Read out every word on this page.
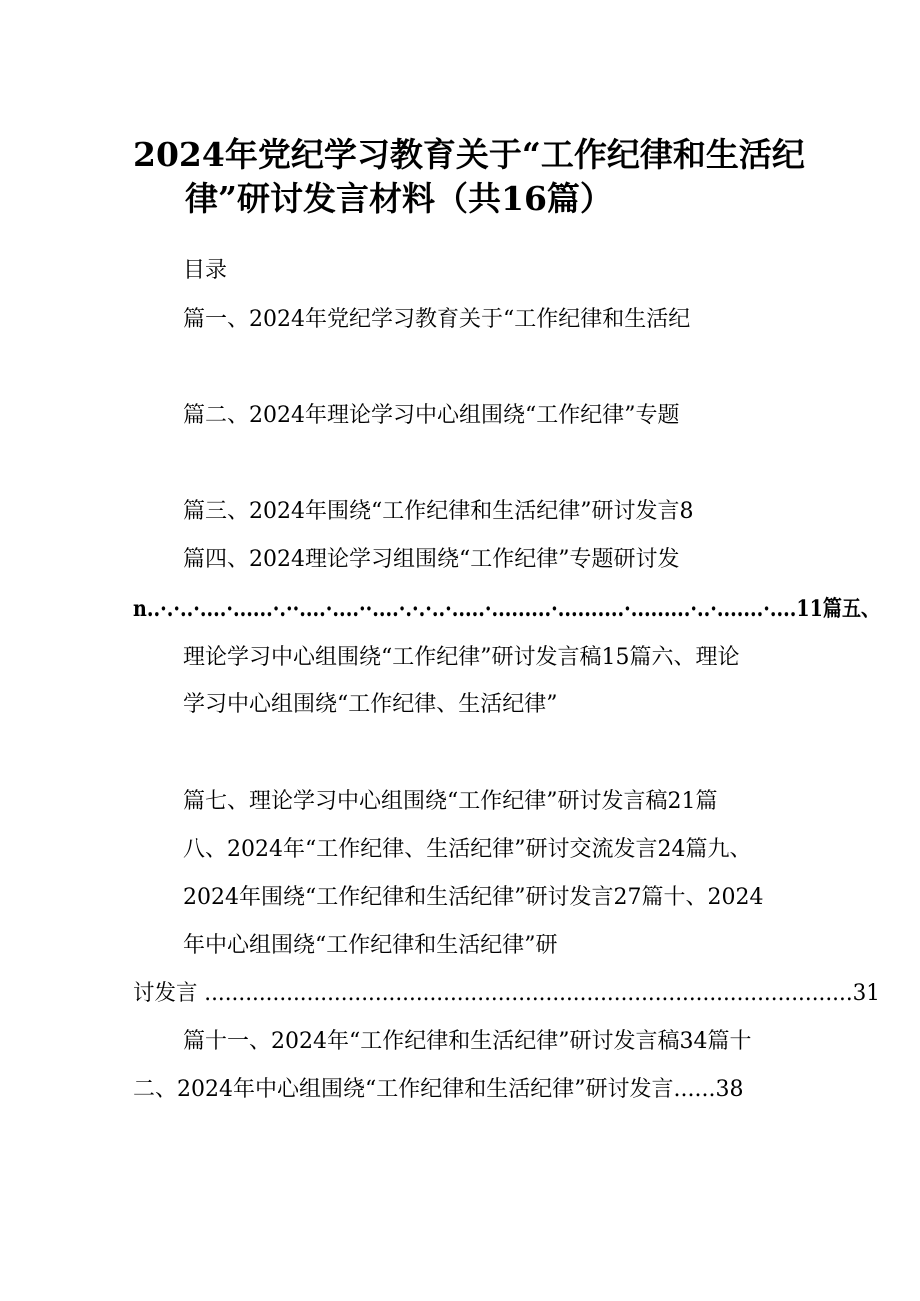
2024年党纪学习教育关于“工作纪律和生活纪
律”研讨发言材料（共16篇）
目录
篇一、2024年党纪学习教育关于“工作纪律和生活纪
篇二、2024年理论学习中心组围绕“工作纪律”专题
篇三、2024年围绕“工作纪律和生活纪律”研讨发言8
篇四、2024理论学习组围绕“工作纪律”专题研讨发
n..·.·..·....·......·.··....·....··....·.·.·..·.....·.........·..........·.........·..·.......·....11篇五、
理论学习中心组围绕“工作纪律”研讨发言稿15篇六、理论
学习中心组围绕“工作纪律、生活纪律”
篇七、理论学习中心组围绕“工作纪律”研讨发言稿21篇
八、2024年“工作纪律、生活纪律”研讨交流发言24篇九、
2024年围绕“工作纪律和生活纪律”研讨发言27篇十、2024
年中心组围绕“工作纪律和生活纪律”研
讨发言 ...............................................................................................31
篇十一、2024年“工作纪律和生活纪律”研讨发言稿34篇十
二、2024年中心组围绕“工作纪律和生活纪律”研讨发言......38
